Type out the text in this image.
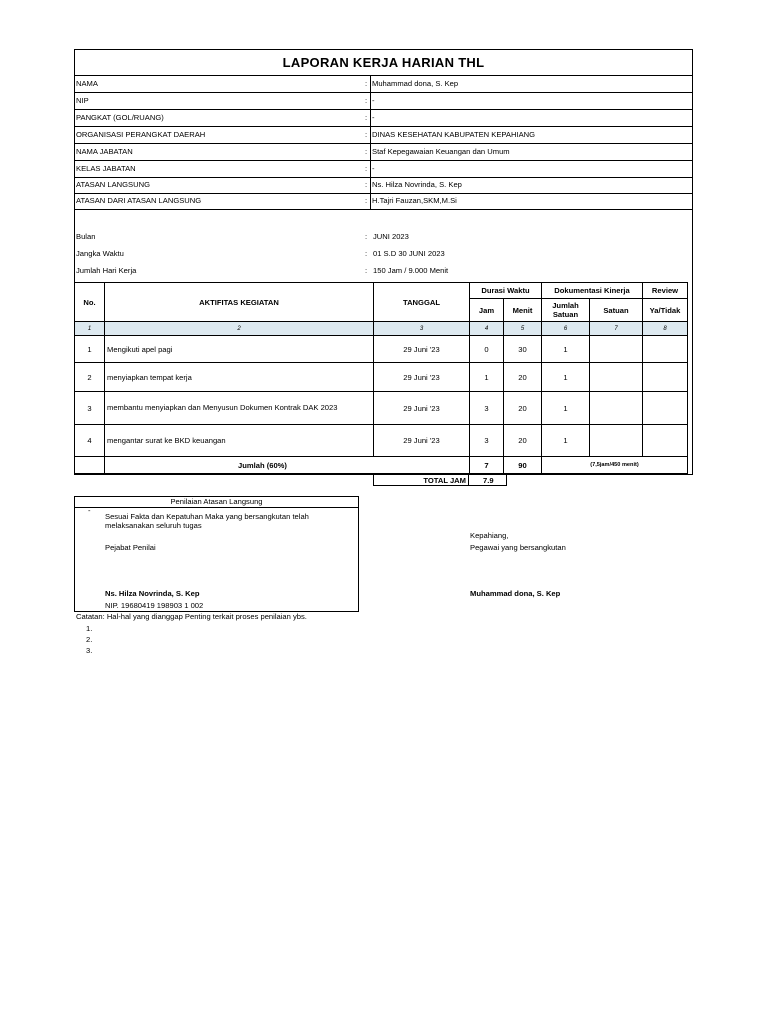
LAPORAN KERJA HARIAN THL
NAMA	: Muhammad dona, S. Kep
NIP	: -
PANGKAT (GOL/RUANG)	: -
ORGANISASI PERANGKAT DAERAH	: DINAS KESEHATAN KABUPATEN KEPAHIANG
NAMA JABATAN	: Staf Kepegawaian Keuangan dan Umum
KELAS JABATAN	: -
ATASAN LANGSUNG	: Ns. Hilza Novrinda, S. Kep
ATASAN DARI ATASAN LANGSUNG	: H.Tajri Fauzan,SKM,M.Si
Bulan	: JUNI 2023
Jangka Waktu	: 01 S.D 30 JUNI 2023
Jumlah Hari Kerja	: 150 Jam / 9.000 Menit
No.	AKTIFITAS KEGIATAN	TANGGAL	Durasi Waktu		Dokumentasi Kinerja		Review
			Jam	Menit	Jumlah Satuan	Satuan	Ya/Tidak
1	2	3	4	5	6	7	8
1	Mengikuti apel pagi	29 Juni '23	0	30	1		
2	menyiapkan tempat kerja	29 Juni '23	1	20	1		
3	membantu menyiapkan dan Menyusun Dokumen Kontrak DAK 2023	29 Juni '23	3	20	1		
4	mengantar surat ke BKD keuangan	29 Juni '23	3	20	1		
	Jumlah (60%)		7	90	(7,5jam/450 menit)		
TOTAL JAM	7.9
Penilaian Atasan Langsung
-
Sesuai Fakta dan Kepatuhan Maka yang bersangkutan telah melaksanakan seluruh tugas
Pejabat Penilai
Ns. Hilza Novrinda, S. Kep
NIP. 19680419 198903 1 002
Kepahiang,
Pegawai yang bersangkutan
Muhammad dona, S. Kep
Catatan: Hal-hal yang dianggap Penting terkait proses penilaian ybs.
1.
2.
3.
